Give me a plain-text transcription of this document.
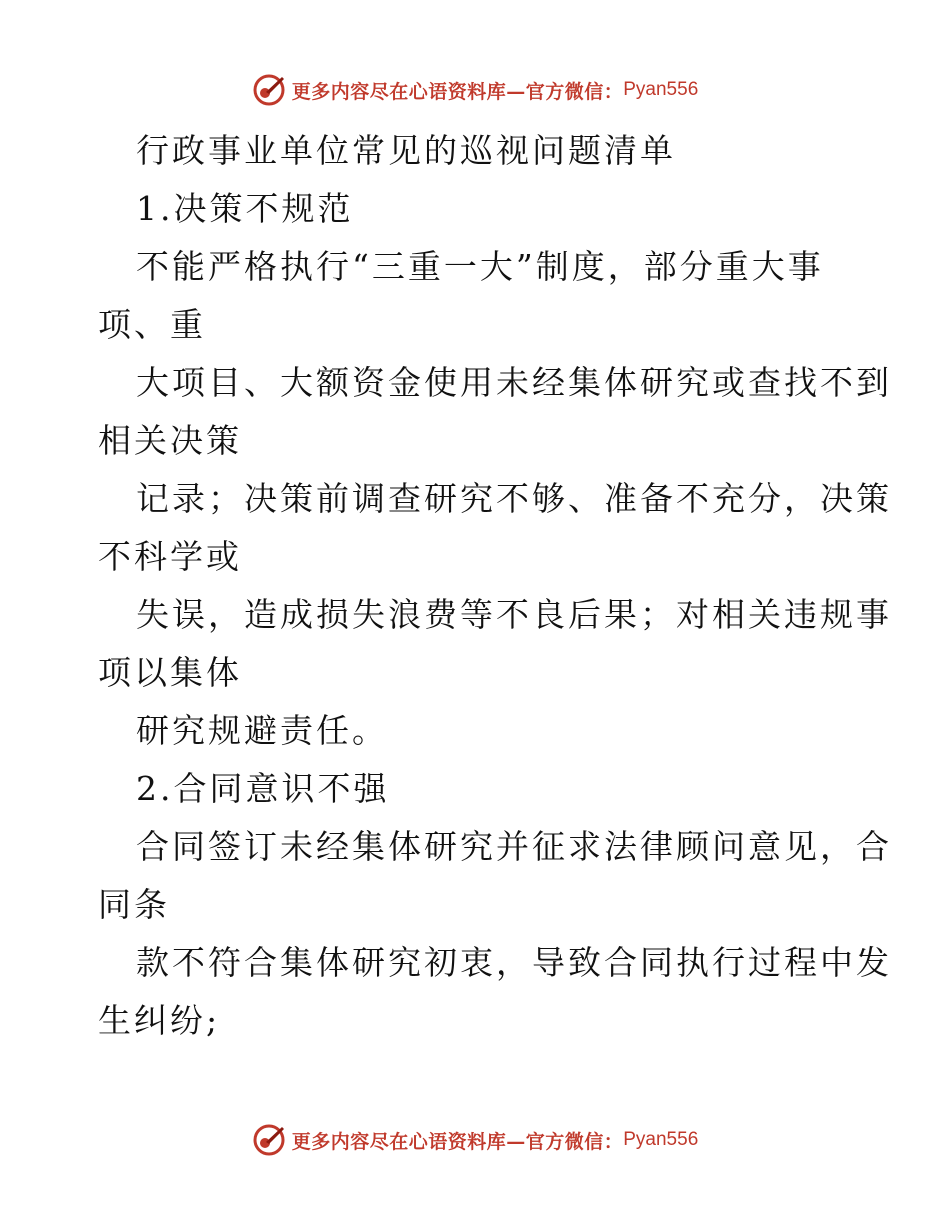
更多内容尽在心语资料库—官方微信： Pyan556
行政事业单位常见的巡视问题清单
1.决策不规范
不能严格执行“三重一大”制度，部分重大事
项、重
大项目、大额资金使用未经集体研究或查找不到
相关决策
记录；决策前调查研究不够、准备不充分，决策
不科学或
失误，造成损失浪费等不良后果；对相关违规事
项以集体
研究规避责任。
2.合同意识不强
合同签订未经集体研究并征求法律顾问意见，合
同条
款不符合集体研究初衷，导致合同执行过程中发
生纠纷;
更多内容尽在心语资料库—官方微信： Pyan556
